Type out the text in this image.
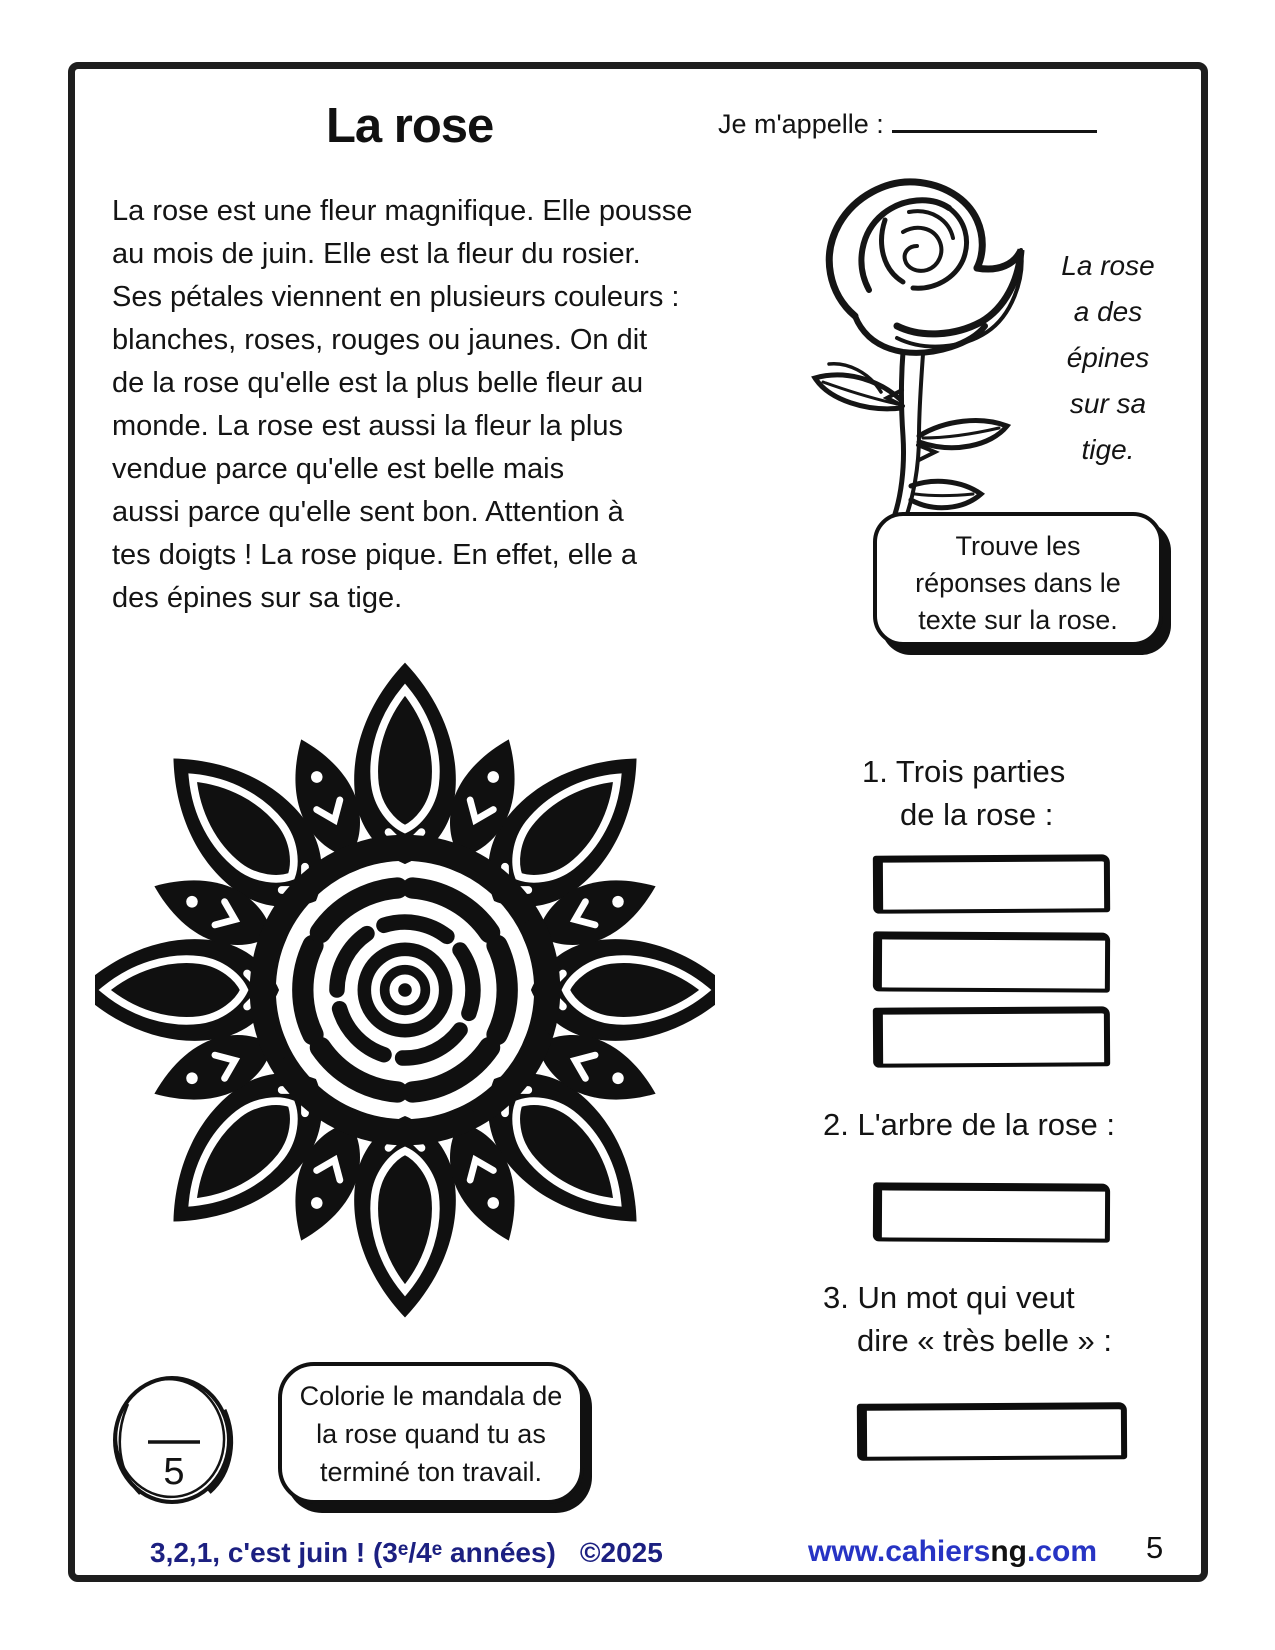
La rose	Je m'appelle :
La rose est une fleur magnifique. Elle pousse
au mois de juin. Elle est la fleur du rosier.
Ses pétales viennent en plusieurs couleurs :
blanches, roses, rouges ou jaunes. On dit
de la rose qu'elle est la plus belle fleur au
monde. La rose est aussi la fleur la plus
vendue parce qu'elle est belle mais
aussi parce qu'elle sent bon. Attention à
tes doigts ! La rose pique. En effet, elle a
des épines sur sa tige.
La rose
a des
épines
sur sa
tige.
Trouve les
réponses dans le
texte sur la rose.
1. Trois parties
de la rose :
2. L'arbre de la rose :
3. Un mot qui veut
dire « très belle » :
5
Colorie le mandala de
la rose quand tu as
terminé ton travail.
3,2,1, c'est juin ! (3ᵉ/4ᵉ années) ©2025	www.cahiersng.com 5
